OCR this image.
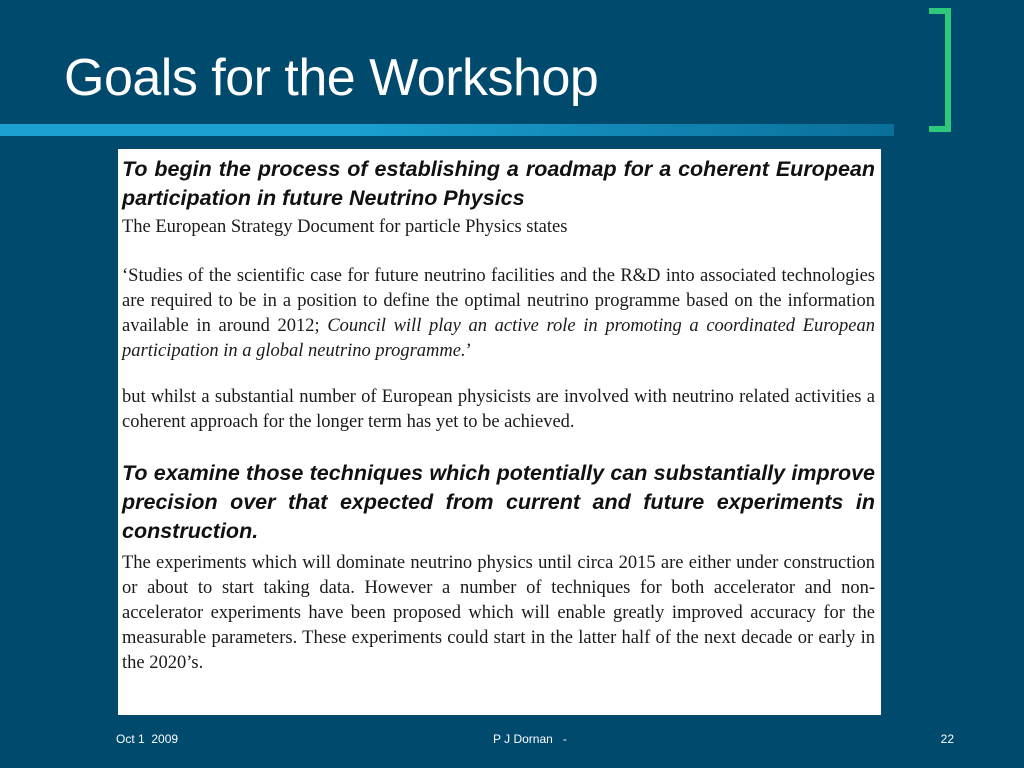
Goals for the Workshop

To begin the process of establishing a roadmap for a coherent European participation in future Neutrino Physics

The European Strategy Document for particle Physics states

‘Studies of the scientific case for future neutrino facilities and the R&D into associated technologies are required to be in a position to define the optimal neutrino programme based on the information available in around 2012; Council will play an active role in promoting a coordinated European participation in a global neutrino programme.’

but whilst a substantial number of European physicists are involved with neutrino related activities a coherent approach for the longer term has yet to be achieved.

To examine those techniques which potentially can substantially improve precision over that expected from current and future experiments in construction.

The experiments which will dominate neutrino physics until circa 2015 are either under construction or about to start taking data. However a number of techniques for both accelerator and non-accelerator experiments have been proposed which will enable greatly improved accuracy for the measurable parameters. These experiments could start in the latter half of the next decade or early in the 2020’s.

Oct 1  2009	P J Dornan   -	22
